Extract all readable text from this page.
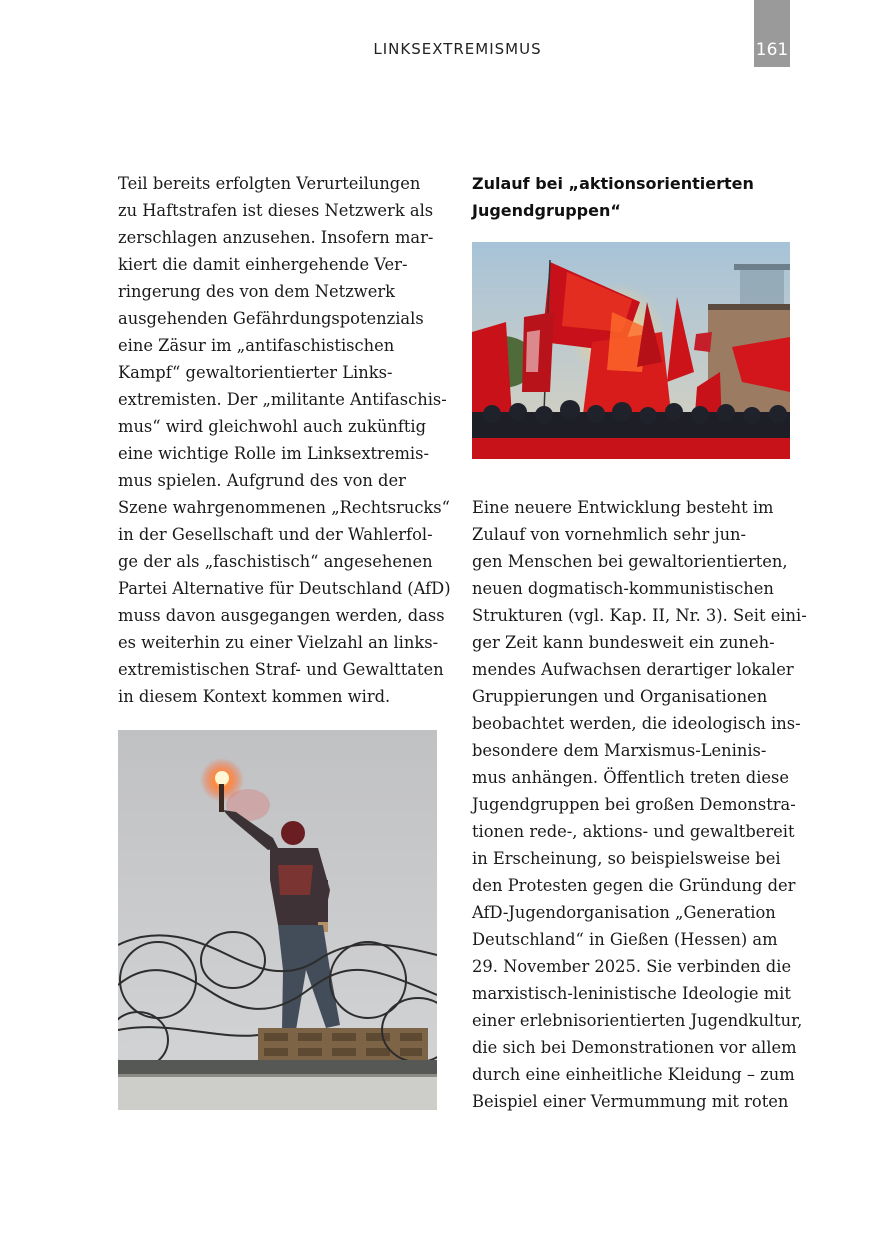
LINKSEXTREMISMUS	161
Teil bereits erfolgten Verurteilungen
zu Haftstrafen ist dieses Netzwerk als
zerschlagen anzusehen. Insofern mar-
kiert die damit einhergehende Ver-
ringerung des von dem Netzwerk
ausgehenden Gefährdungspotenzials
eine Zäsur im „antifaschistischen
Kampf“ gewaltorientierter Links-
extremisten. Der „militante Antifaschis-
mus“ wird gleichwohl auch zukünftig
eine wichtige Rolle im Linksextremis-
mus spielen. Aufgrund des von der
Szene wahrgenommenen „Rechtsrucks“
in der Gesellschaft und der Wahlerfol-
ge der als „faschistisch“ angesehenen
Partei Alternative für Deutschland (AfD)
muss davon ausgegangen werden, dass
es weiterhin zu einer Vielzahl an links-
extremistischen Straf- und Gewalttaten
in diesem Kontext kommen wird.
Zulauf bei „aktionsorientierten
Jugendgruppen“
Eine neuere Entwicklung besteht im
Zulauf von vornehmlich sehr jun-
gen Menschen bei gewaltorientierten,
neuen dogmatisch-kommunistischen
Strukturen (vgl. Kap. II, Nr. 3). Seit eini-
ger Zeit kann bundesweit ein zuneh-
mendes Aufwachsen derartiger lokaler
Gruppierungen und Organisationen
beobachtet werden, die ideologisch ins-
besondere dem Marxismus-Leninis-
mus anhängen. Öffentlich treten diese
Jugendgruppen bei großen Demonstra-
tionen rede-, aktions- und gewaltbereit
in Erscheinung, so beispielsweise bei
den Protesten gegen die Gründung der
AfD-Jugendorganisation „Generation
Deutschland“ in Gießen (Hessen) am
29. November 2025. Sie verbinden die
marxistisch-leninistische Ideologie mit
einer erlebnisorientierten Jugendkultur,
die sich bei Demonstrationen vor allem
durch eine einheitliche Kleidung – zum
Beispiel einer Vermummung mit roten
